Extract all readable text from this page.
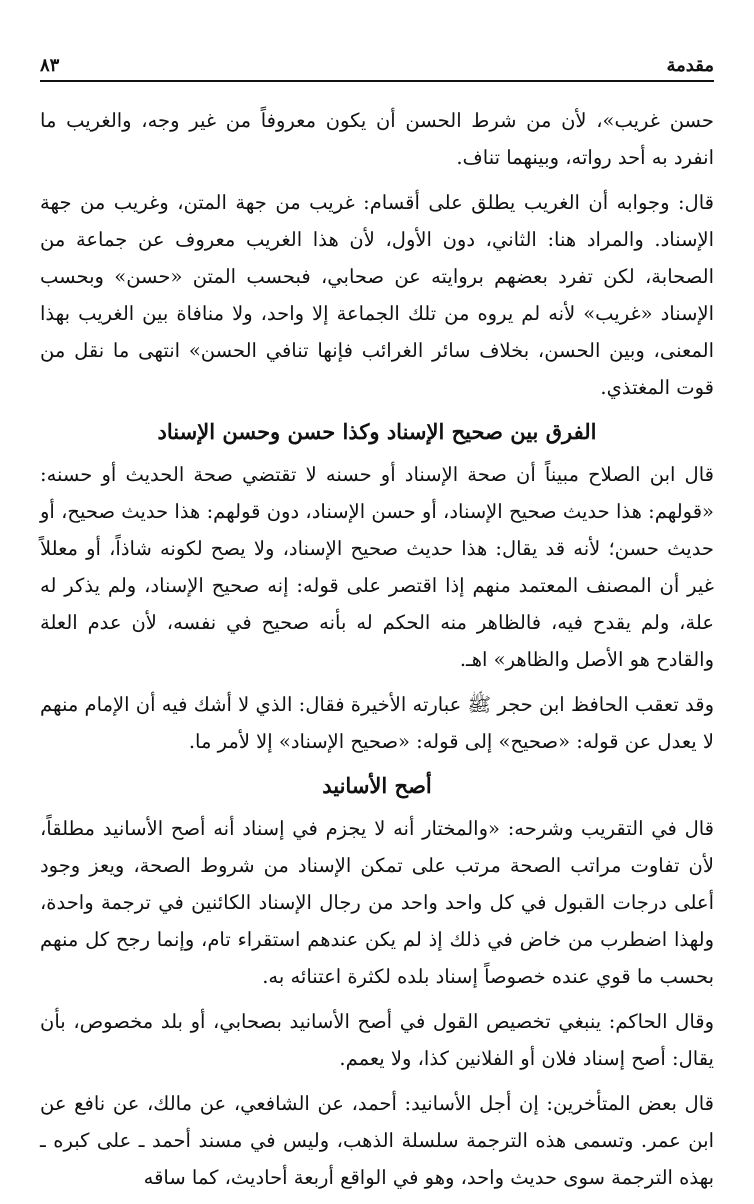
مقدمة
٨٣

حسن غريب»، لأن من شرط الحسن أن يكون معروفاً من غير وجه، والغريب ما انفرد به أحد رواته، وبينهما تناف.

قال: وجوابه أن الغريب يطلق على أقسام: غريب من جهة المتن، وغريب من جهة الإسناد. والمراد هنا: الثاني، دون الأول، لأن هذا الغريب معروف عن جماعة من الصحابة، لكن تفرد بعضهم بروايته عن صحابي، فبحسب المتن «حسن» وبحسب الإسناد «غريب» لأنه لم يروه من تلك الجماعة إلا واحد، ولا منافاة بين الغريب بهذا المعنى، وبين الحسن، بخلاف سائر الغرائب فإنها تنافي الحسن» انتهى ما نقل من قوت المغتذي.

الفرق بين صحيح الإسناد وكذا حسن وحسن الإسناد

قال ابن الصلاح مبيناً أن صحة الإسناد أو حسنه لا تقتضي صحة الحديث أو حسنه: «قولهم: هذا حديث صحيح الإسناد، أو حسن الإسناد، دون قولهم: هذا حديث صحيح، أو حديث حسن؛ لأنه قد يقال: هذا حديث صحيح الإسناد، ولا يصح لكونه شاذاً، أو معللاً غير أن المصنف المعتمد منهم إذا اقتصر على قوله: إنه صحيح الإسناد، ولم يذكر له علة، ولم يقدح فيه، فالظاهر منه الحكم له بأنه صحيح في نفسه، لأن عدم العلة والقادح هو الأصل والظاهر» اهـ.

وقد تعقب الحافظ ابن حجر ﷺ عبارته الأخيرة فقال: الذي لا أشك فيه أن الإمام منهم لا يعدل عن قوله: «صحيح» إلى قوله: «صحيح الإسناد» إلا لأمر ما.

أصح الأسانيد

قال في التقريب وشرحه: «والمختار أنه لا يجزم في إسناد أنه أصح الأسانيد مطلقاً، لأن تفاوت مراتب الصحة مرتب على تمكن الإسناد من شروط الصحة، ويعز وجود أعلى درجات القبول في كل واحد واحد من رجال الإسناد الكائنين في ترجمة واحدة، ولهذا اضطرب من خاض في ذلك إذ لم يكن عندهم استقراء تام، وإنما رجح كل منهم بحسب ما قوي عنده خصوصاً إسناد بلده لكثرة اعتنائه به.

وقال الحاكم: ينبغي تخصيص القول في أصح الأسانيد بصحابي، أو بلد مخصوص، بأن يقال: أصح إسناد فلان أو الفلانين كذا، ولا يعمم.

قال بعض المتأخرين: إن أجل الأسانيد: أحمد، عن الشافعي، عن مالك، عن نافع عن ابن عمر. وتسمى هذه الترجمة سلسلة الذهب، وليس في مسند أحمد ـ على كبره ـ بهذه الترجمة سوى حديث واحد، وهو في الواقع أربعة أحاديث، كما ساقه
